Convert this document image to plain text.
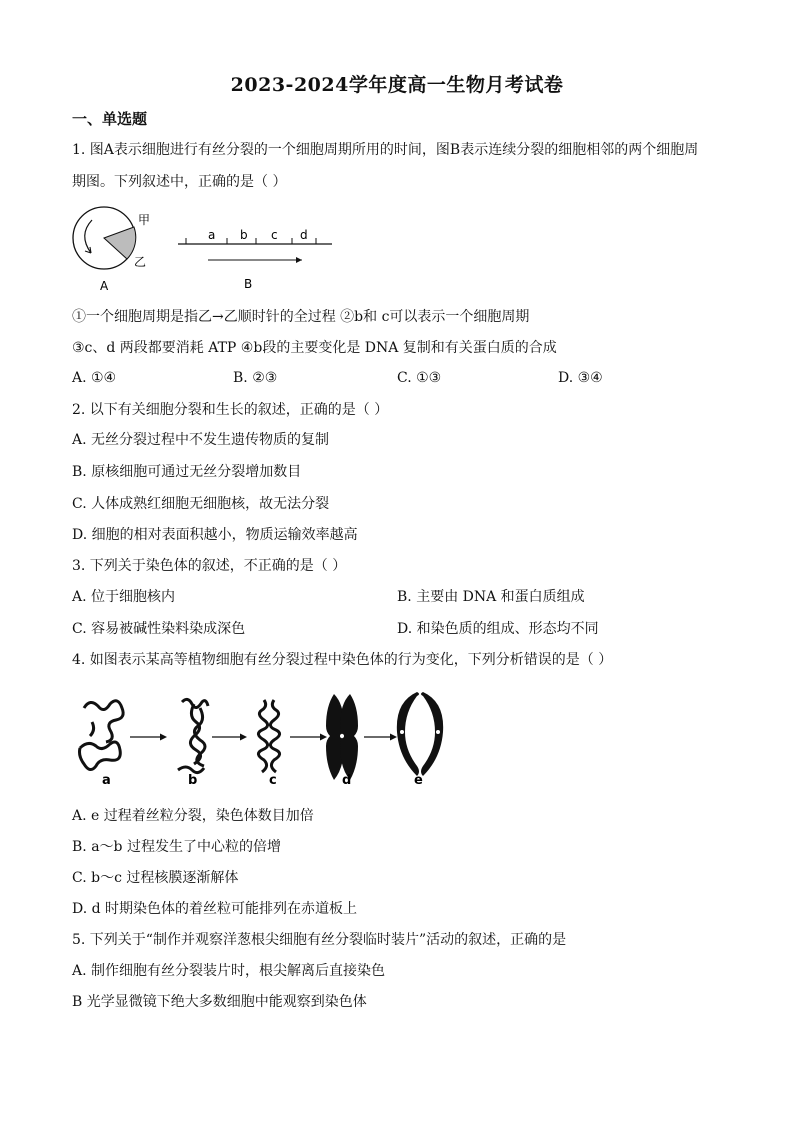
2023-2024学年度高一生物月考试卷
一、单选题
1. 图A表示细胞进行有丝分裂的一个细胞周期所用的时间，图B表示连续分裂的细胞相邻的两个细胞周
期图。下列叙述中，正确的是（ ）
甲
乙
A
a b c d
B
①一个细胞周期是指乙→乙顺时针的全过程 ②b和 c可以表示一个细胞周期
③c、d 两段都要消耗 ATP ④b段的主要变化是 DNA 复制和有关蛋白质的合成
A. ①④	B. ②③	C. ①③	D. ③④
2. 以下有关细胞分裂和生长的叙述，正确的是（ ）
A. 无丝分裂过程中不发生遗传物质的复制
B. 原核细胞可通过无丝分裂增加数目
C. 人体成熟红细胞无细胞核，故无法分裂
D. 细胞的相对表面积越小，物质运输效率越高
3. 下列关于染色体的叙述，不正确的是（ ）
A. 位于细胞核内	B. 主要由 DNA 和蛋白质组成
C. 容易被碱性染料染成深色	D. 和染色质的组成、形态均不同
4. 如图表示某高等植物细胞有丝分裂过程中染色体的行为变化，下列分析错误的是（ ）
a	b	c	d	e
A. e 过程着丝粒分裂，染色体数目加倍
B. a～b 过程发生了中心粒的倍增
C. b～c 过程核膜逐渐解体
D. d 时期染色体的着丝粒可能排列在赤道板上
5. 下列关于“制作并观察洋葱根尖细胞有丝分裂临时装片”活动的叙述，正确的是
A. 制作细胞有丝分裂装片时，根尖解离后直接染色
B 光学显微镜下绝大多数细胞中能观察到染色体
